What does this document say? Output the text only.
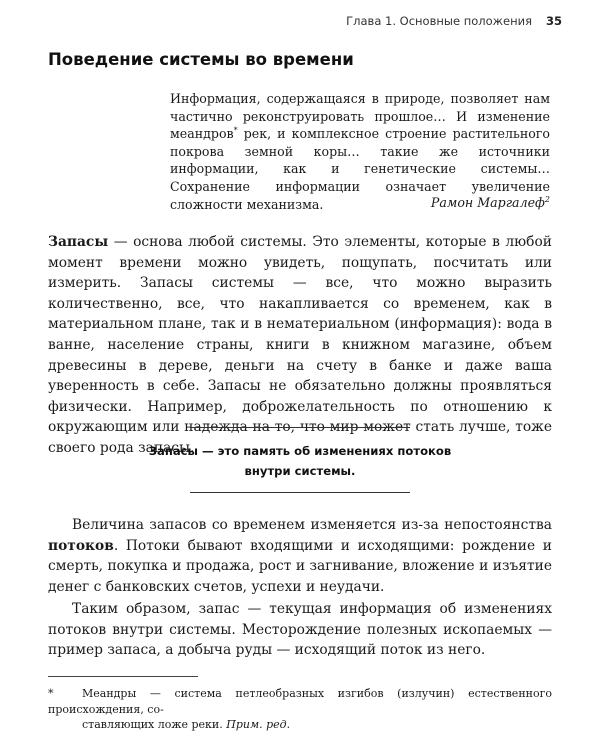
Глава 1. Основные положения 35
Поведение системы во времени

Информация, содержащаяся в природе, позволяет нам частично реконструировать прошлое… И изменение меандров* рек, и комплексное строение растительного покрова земной коры… такие же источники информации, как и генетические системы… Сохранение информации означает увеличение сложности механизма.	Рамон Маргалеф$^2$

Запасы — основа любой системы. Это элементы, которые в любой момент времени можно увидеть, пощупать, посчитать или измерить. Запасы системы — все, что можно выразить количественно, все, что накапливается со временем, как в материальном плане, так и в нематериальном (информация): вода в ванне, население страны, книги в книжном магазине, объем древесины в дереве, деньги на счету в банке и даже ваша уверенность в себе. Запасы не обязательно должны проявляться физически. Например, доброжелательность по отношению к окружающим или надежда на то, что мир может стать лучше, тоже своего рода запасы.

Запасы — это память об изменениях потоков
внутри системы.

Величина запасов со временем изменяется из-за непостоянства потоков. Потоки бывают входящими и исходящими: рождение и смерть, покупка и продажа, рост и загнивание, вложение и изъятие денег с банковских счетов, успехи и неудачи.

Таким образом, запас — текущая информация об изменениях потоков внутри системы. Месторождение полезных ископаемых — пример запаса, а добыча руды — исходящий поток из него.

*	Меандры — система петлеобразных изгибов (излучин) естественного происхождения, со-
ставляющих ложе реки. Прим. ред.
